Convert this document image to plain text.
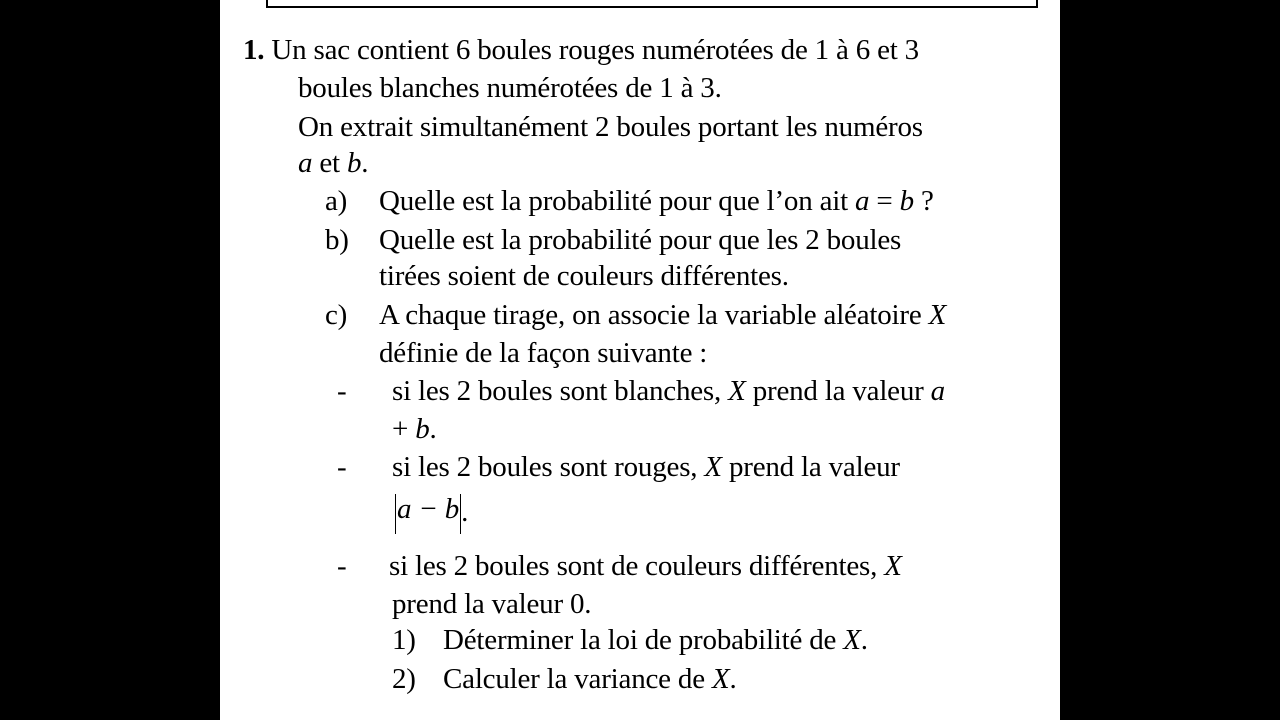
1. Un sac contient 6 boules rouges numérotées de 1 à 6 et 3
boules blanches numérotées de 1 à 3.
On extrait simultanément 2 boules portant les numéros
a et b.
a) Quelle est la probabilité pour que l’on ait a = b ?
b) Quelle est la probabilité pour que les 2 boules
tirées soient de couleurs différentes.
c) A chaque tirage, on associe la variable aléatoire X
définie de la façon suivante :
- si les 2 boules sont blanches, X prend la valeur a
+ b.
- si les 2 boules sont rouges, X prend la valeur
a − b.
- si les 2 boules sont de couleurs différentes, X
prend la valeur 0.
1) Déterminer la loi de probabilité de X.
2) Calculer la variance de X.
